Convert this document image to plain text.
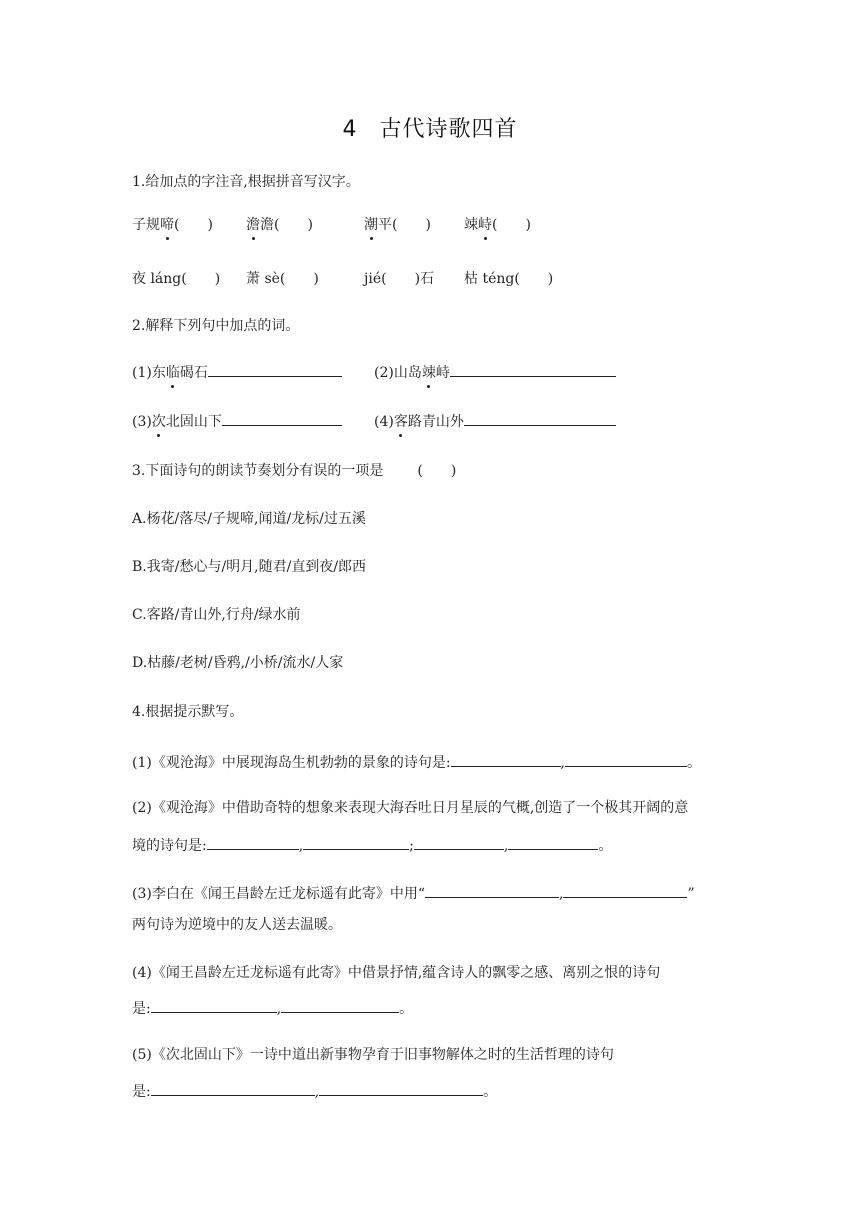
4 古代诗歌四首
1.给加点的字注音,根据拼音写汉字。
子规啼(　　) 澹澹(　　)	潮平(　　) 竦峙(　　)
夜 láng(　　) 萧 sè(　　)	jié(　　)石 枯 téng(　　)
2.解释下列句中加点的词。
(1)东临碣石	(2)山岛竦峙
(3)次北固山下	(4)客路青山外
3.下面诗句的朗读节奏划分有误的一项是 (　　)
A.杨花/落尽/子规啼,闻道/龙标/过五溪
B.我寄/愁心与/明月,随君/直到夜/郎西
C.客路/青山外,行舟/绿水前
D.枯藤/老树/昏鸦,/小桥/流水/人家
4.根据提示默写。
(1)《观沧海》中展现海岛生机勃勃的景象的诗句是:	,	。
(2)《观沧海》中借助奇特的想象来表现大海吞吐日月星辰的气概,创造了一个极其开阔的意
境的诗句是:	,	;	,	。
(3)李白在《闻王昌龄左迁龙标遥有此寄》中用“	,	”
两句诗为逆境中的友人送去温暖。
(4)《闻王昌龄左迁龙标遥有此寄》中借景抒情,蕴含诗人的飘零之感、离别之恨的诗句
是:	,	。
(5)《次北固山下》一诗中道出新事物孕育于旧事物解体之时的生活哲理的诗句
是:	,	。
